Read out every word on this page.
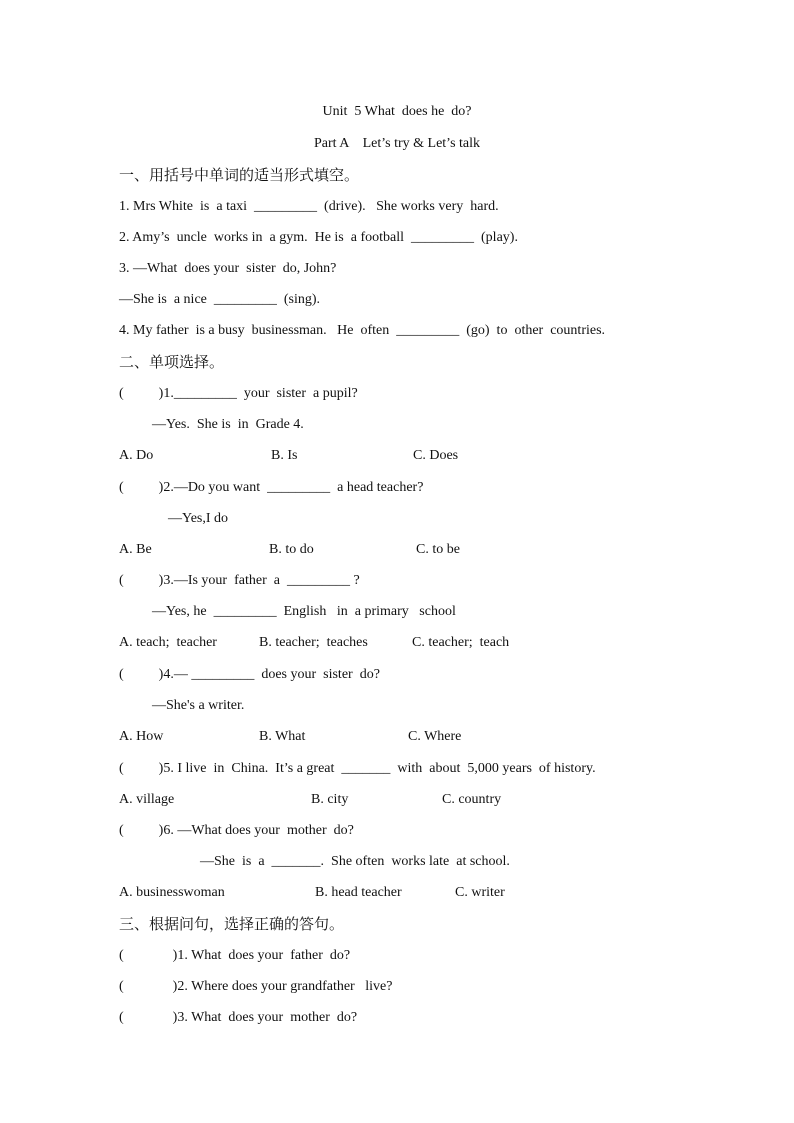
Unit  5 What  does he  do?
Part A    Let’s try & Let’s talk
一、用括号中单词的适当形式填空。
1. Mrs White  is  a taxi  _________  (drive).   She works very  hard.
2. Amy’s  uncle  works in  a gym.  He is  a football  _________  (play).
3. —What  does your  sister  do, John?
—She is  a nice  _________  (sing).
4. My father  is a busy  businessman.   He  often  _________  (go)  to  other  countries.
二、单项选择。
(          )1._________  your  sister  a pupil?
—Yes.  She is  in  Grade 4.
A. Do	B. Is	C. Does
(          )2.—Do you want  _________  a head teacher?
—Yes,I do
A. Be	B. to do	C. to be
(          )3.—Is your  father  a  _________ ?
—Yes, he  _________  English   in  a primary   school
A. teach;  teacher	B. teacher;  teaches	C. teacher;  teach
(          )4.— _________  does your  sister  do?
—She's a writer.
A. How	B. What	C. Where
(          )5. I live  in  China.  It’s a great  _______  with  about  5,000 years  of history.
A. village	B. city	C. country
(          )6. —What does your  mother  do?
—She  is  a  _______.  She often  works late  at school.
A. businesswoman	B. head teacher	C. writer
三、根据问句，选择正确的答句。
(              )1. What  does your  father  do?
(              )2. Where does your grandfather   live?
(              )3. What  does your  mother  do?
